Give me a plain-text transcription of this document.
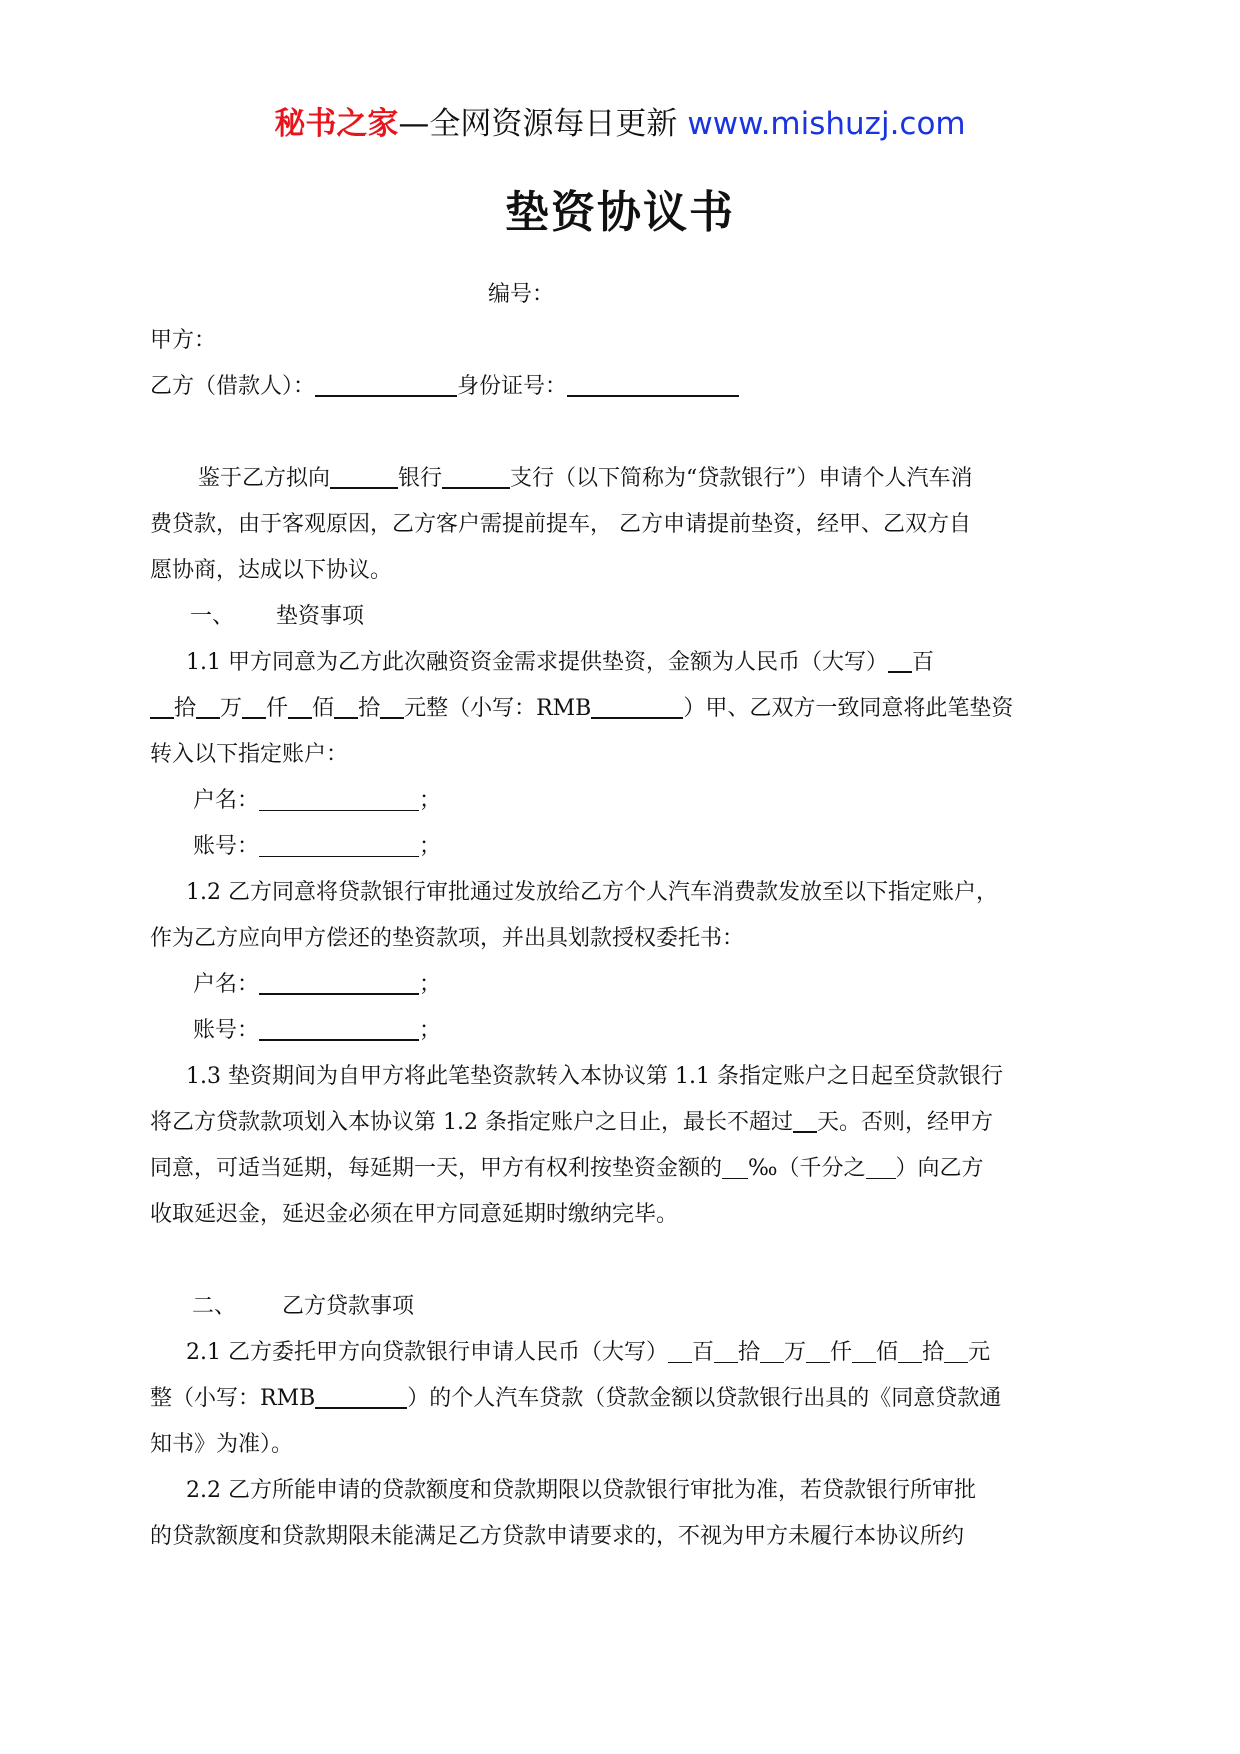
秘书之家—全网资源每日更新 www.mishuzj.com
垫资协议书
编号：
甲方：
乙方（借款人）：	身份证号：
鉴于乙方拟向	银行	支行（以下简称为“贷款银行”）申请个人汽车消
费贷款，由于客观原因，乙方客户需提前提车， 乙方申请提前垫资，经甲、乙双方自
愿协商，达成以下协议。
一、 垫资事项
1.1 甲方同意为乙方此次融资资金需求提供垫资，金额为人民币（大写） 百
拾 万 仟 佰 拾 元整（小写：RMB	）甲、乙双方一致同意将此笔垫资
转入以下指定账户：
户名：	；
账号：	；
1.2 乙方同意将贷款银行审批通过发放给乙方个人汽车消费款发放至以下指定账户，
作为乙方应向甲方偿还的垫资款项，并出具划款授权委托书：
户名：	；
账号：	；
1.3 垫资期间为自甲方将此笔垫资款转入本协议第 1.1 条指定账户之日起至贷款银行
将乙方贷款款项划入本协议第 1.2 条指定账户之日止，最长不超过 天。否则，经甲方
同意，可适当延期，每延期一天，甲方有权利按垫资金额的 ‰（千分之 ）向乙方
收取延迟金，延迟金必须在甲方同意延期时缴纳完毕。
二、 乙方贷款事项
2.1 乙方委托甲方向贷款银行申请人民币（大写） 百 拾 万 仟 佰 拾 元
整（小写：RMB	）的个人汽车贷款（贷款金额以贷款银行出具的《同意贷款通
知书》为准）。
2.2 乙方所能申请的贷款额度和贷款期限以贷款银行审批为准，若贷款银行所审批
的贷款额度和贷款期限未能满足乙方贷款申请要求的，不视为甲方未履行本协议所约
